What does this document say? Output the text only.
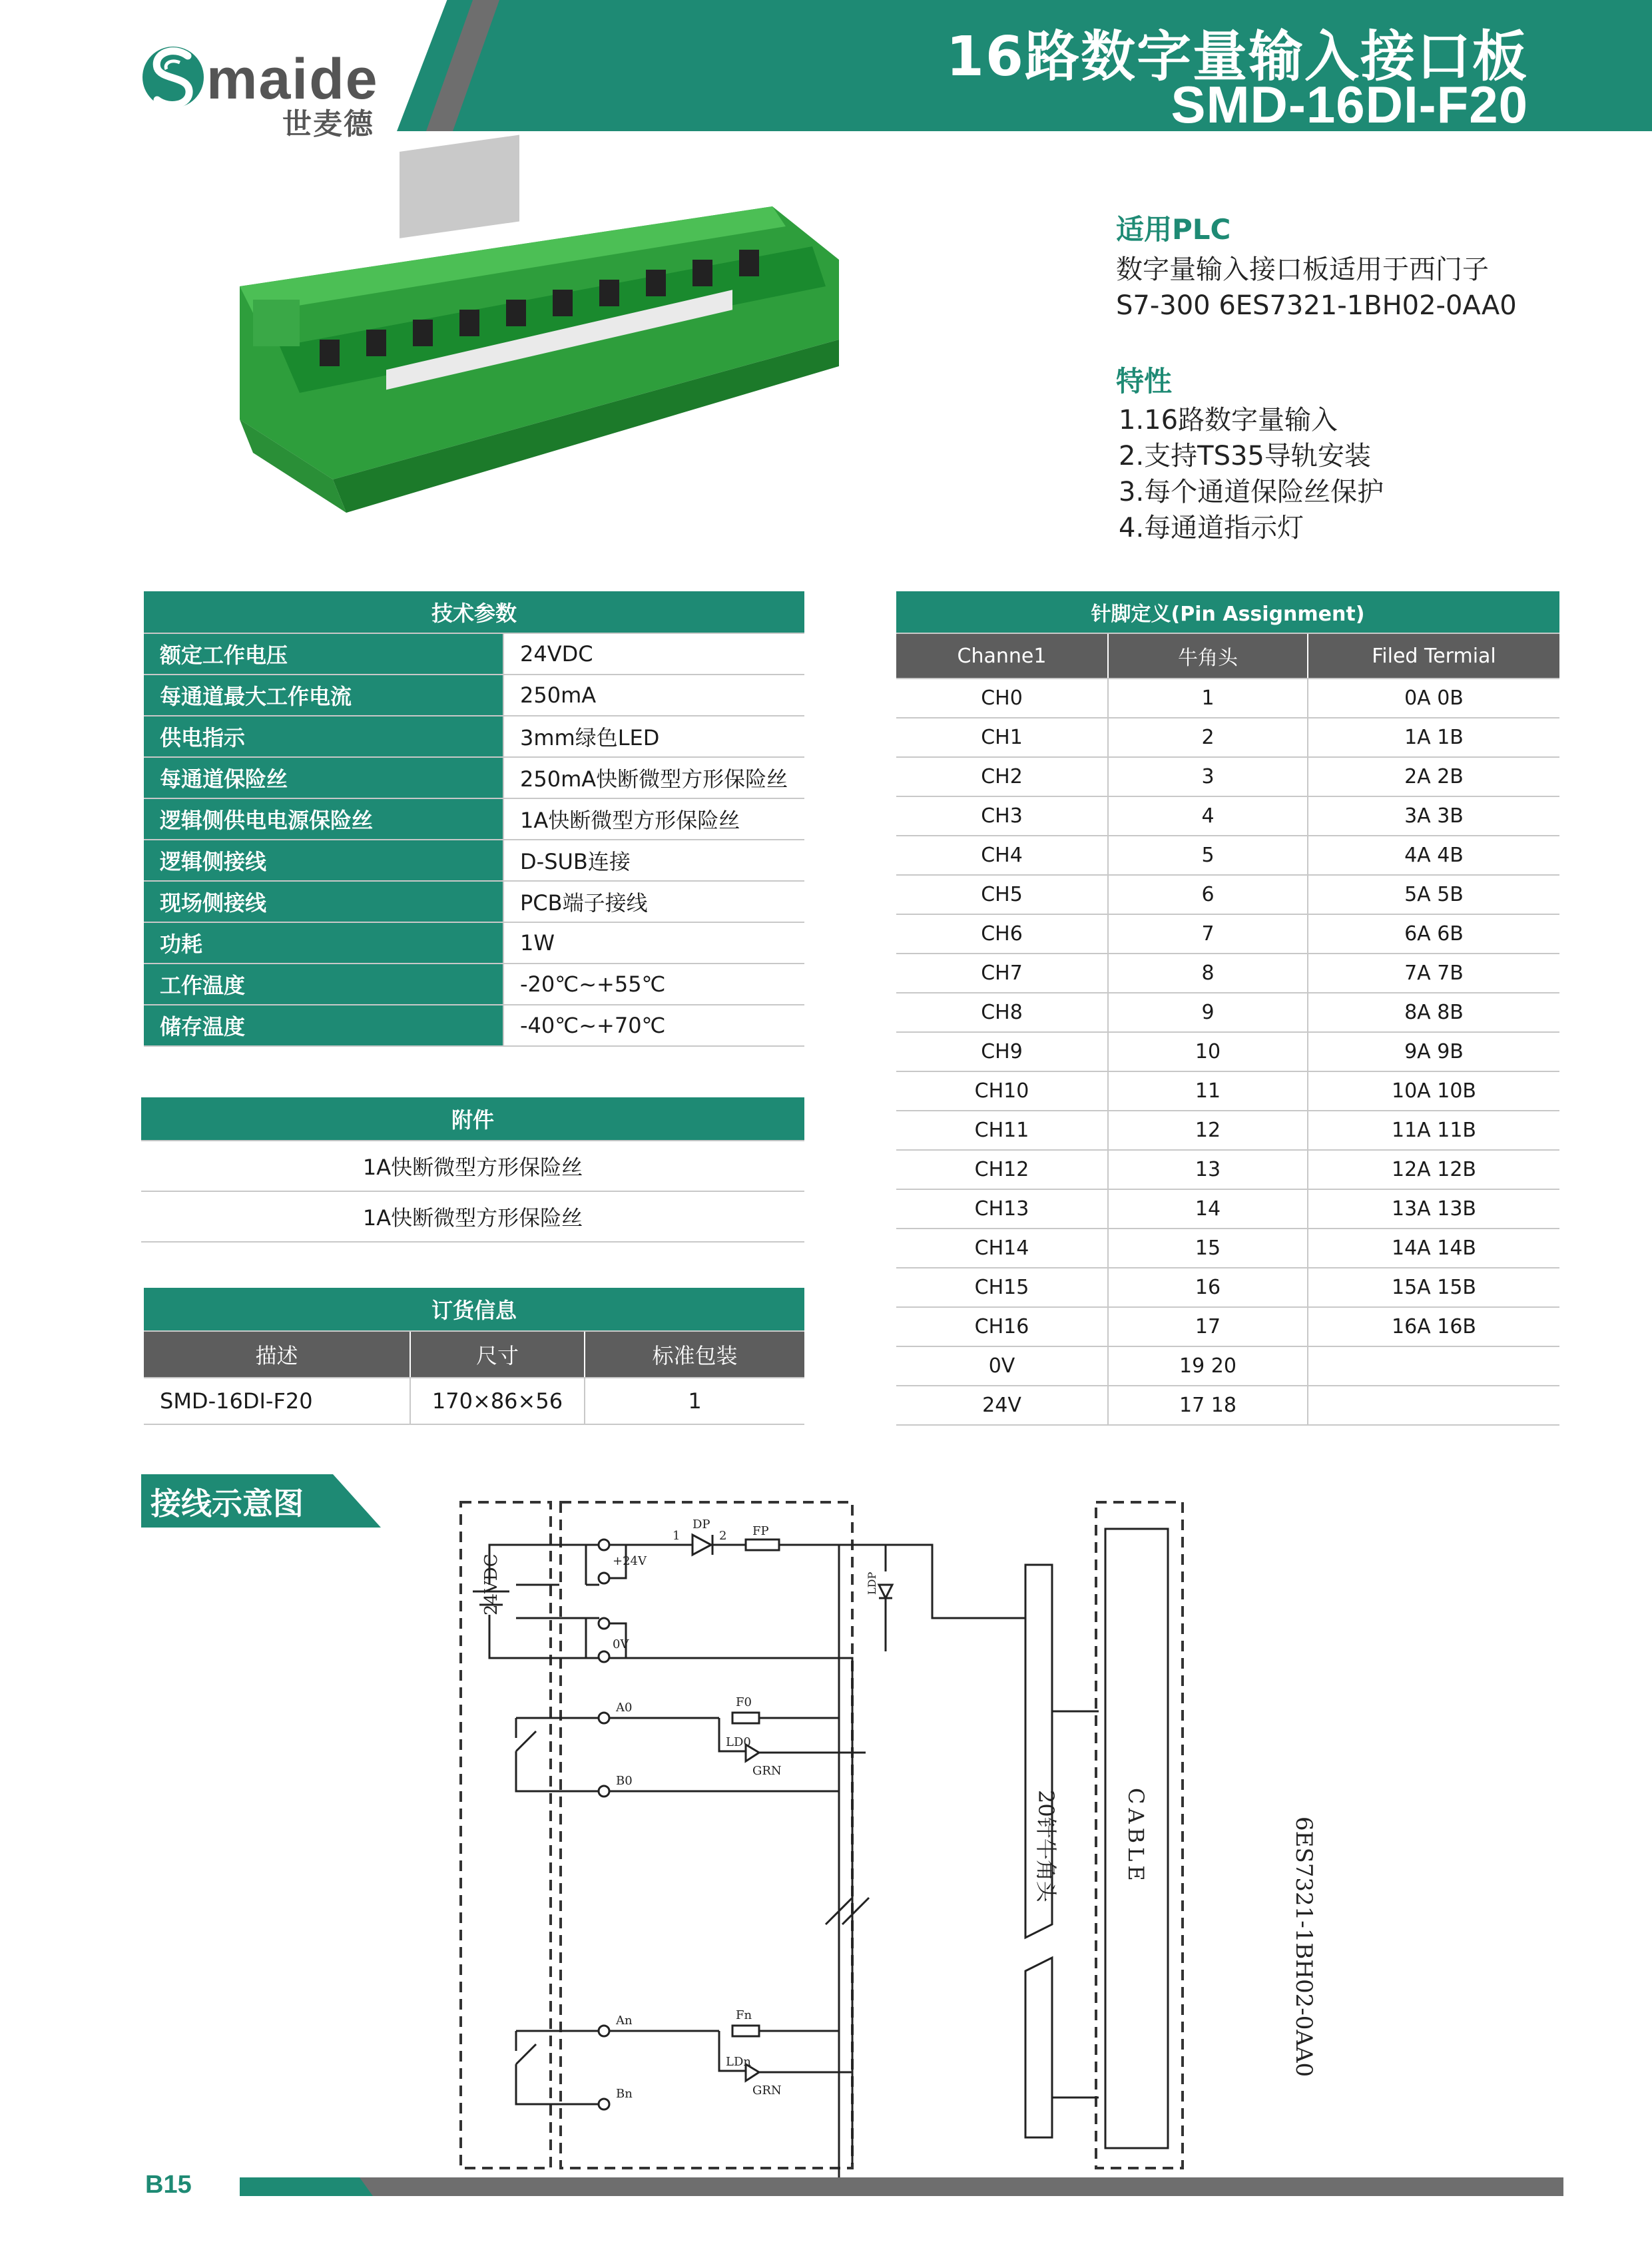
16路数字量输入接口板
SMD-16DI-F20
maide
世麦德
适用PLC
数字量输入接口板适用于西门子
S7-300 6ES7321-1BH02-0AA0
特性
1.16路数字量输入
2.支持TS35导轨安装
3.每个通道保险丝保护
4.每通道指示灯
技术参数	
额定工作电压	24VDC
每通道最大工作电流	250mA
供电指示	3mm绿色LED
每通道保险丝	250mA快断微型方形保险丝
逻辑侧供电电源保险丝	1A快断微型方形保险丝
逻辑侧接线	D-SUB连接
现场侧接线	PCB端子接线
功耗	1W
工作温度	-20℃~+55℃
储存温度	-40℃~+70℃
附件
1A快断微型方形保险丝
1A快断微型方形保险丝
订货信息		
描述	尺寸	标准包装
SMD-16DI-F20	170×86×56	1
针脚定义(Pin Assignment)		
Channe1	牛角头	Filed Termial
CH0	1	0A 0B
CH1	2	1A 1B
CH2	3	2A 2B
CH3	4	3A 3B
CH4	5	4A 4B
CH5	6	5A 5B
CH6	7	6A 6B
CH7	8	7A 7B
CH8	9	8A 8B
CH9	10	9A 9B
CH10	11	10A 10B
CH11	12	11A 11B
CH12	13	12A 12B
CH13	14	13A 13B
CH14	15	14A 14B
CH15	16	15A 15B
CH16	17	16A 16B
0V	19 20	
24V	17 18	
接线示意图
24VDC	+24V
0V
1	2
DP	FP
LDP
A0
B0
F0
LD0
GRN
An
Bn
Fn
LDn
GRN
20针牛角头	CABLE	6ES7321-1BH02-0AA0
B15
